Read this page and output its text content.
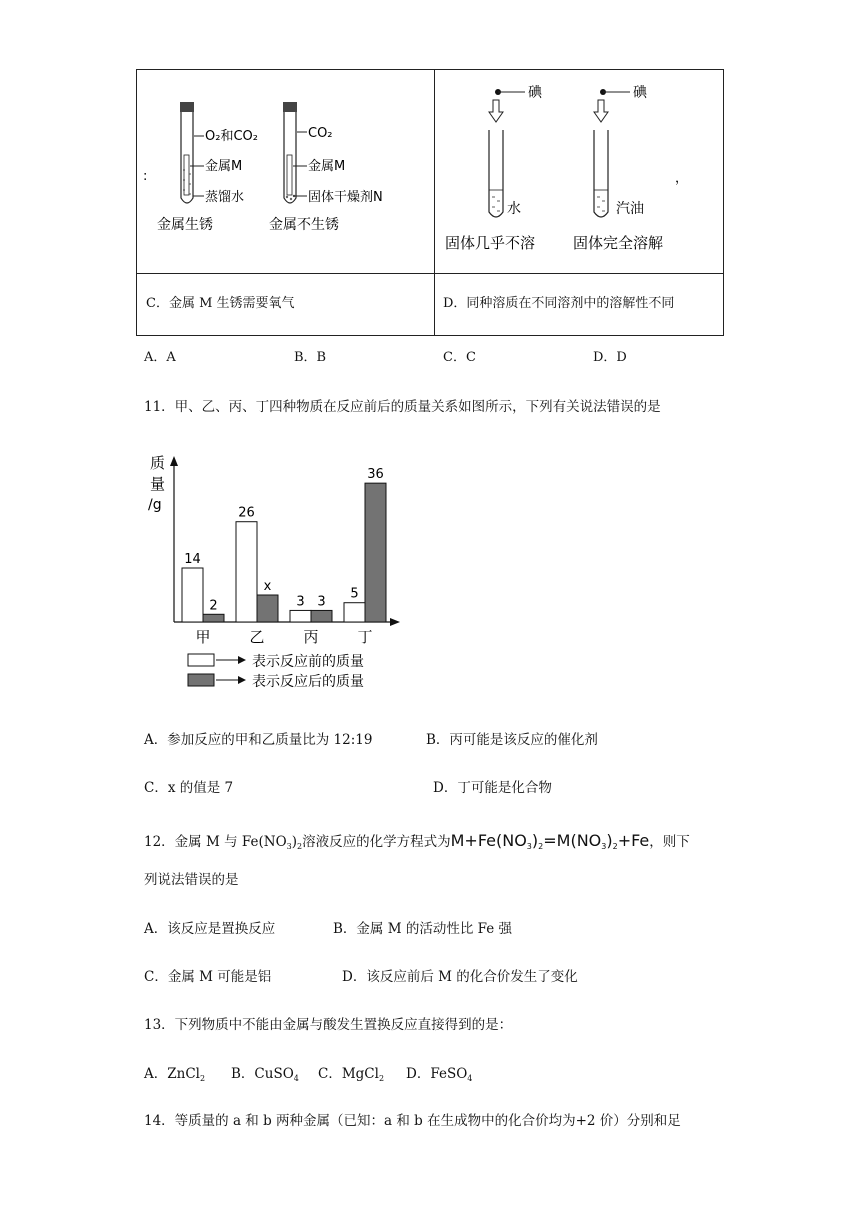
O₂和CO₂
金属M
蒸馏水
金属生锈
:
CO₂
金属M
固体干燥剂N
金属不生锈
碘
水
固体几乎不溶
碘
汽油
固体完全溶解
，
C．金属 M 生锈需要氧气	D．同种溶质在不同溶剂中的溶解性不同
A．A	B．B	C．C	D．D
11．甲、乙、丙、丁四种物质在反应前后的质量关系如图所示，下列有关说法错误的是
质
量
/g
14
2
26
x
3 3
5
36
甲	乙	丙	丁
表示反应前的质量
表示反应后的质量
A．参加反应的甲和乙质量比为 12:19	B．丙可能是该反应的催化剂
C．x 的值是 7	D．丁可能是化合物
12．金属 M 与 $Fe(NO_3)_2$溶液反应的化学方程式为$M+Fe(NO_3)_2=M(NO_3)_2+Fe$，则下
列说法错误的是
A．该反应是置换反应	B．金属 M 的活动性比 Fe 强
C．金属 M 可能是铝	D．该反应前后 M 的化合价发生了变化
13．下列物质中不能由金属与酸发生置换反应直接得到的是：
A．ZnCl$_2$ B．CuSO$_4$ C．MgCl$_2$ D．FeSO$_4$
14．等质量的 a 和 b 两种金属（已知：a 和 b 在生成物中的化合价均为+2 价）分别和足
